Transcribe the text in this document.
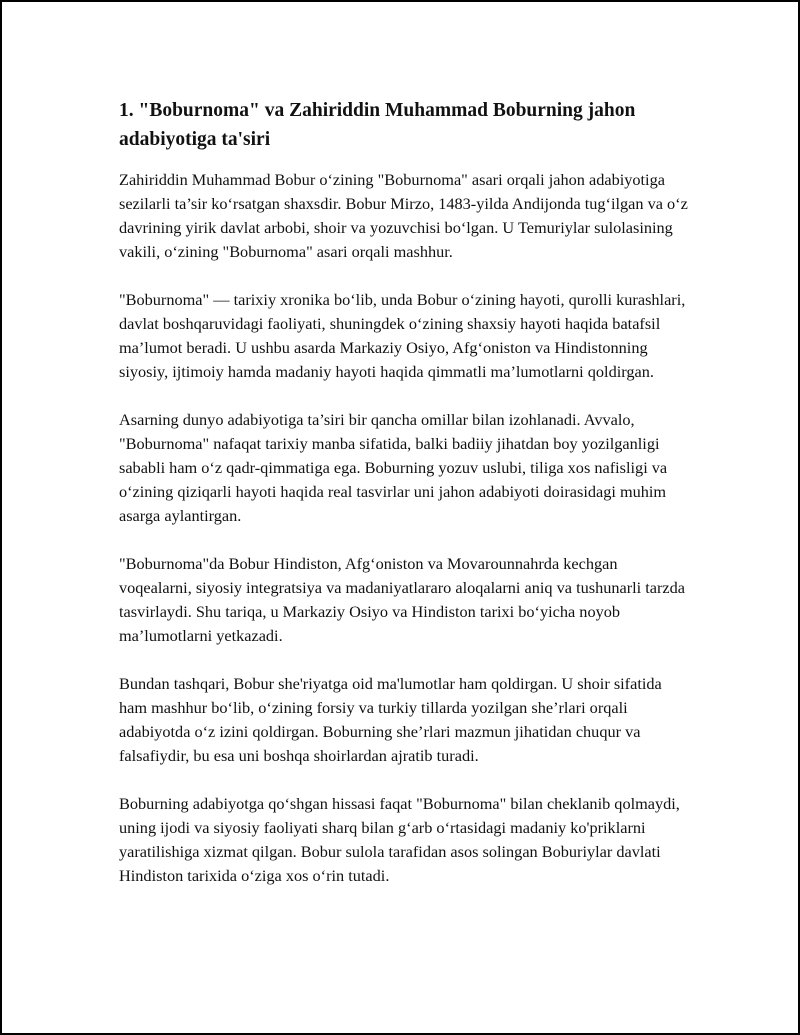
1. "Boburnoma" va Zahiriddin Muhammad Boburning jahon adabiyotiga ta'siri

Zahiriddin Muhammad Bobur o‘zining "Boburnoma" asari orqali jahon adabiyotiga sezilarli ta’sir ko‘rsatgan shaxsdir. Bobur Mirzo, 1483-yilda Andijonda tug‘ilgan va o‘z davrining yirik davlat arbobi, shoir va yozuvchisi bo‘lgan. U Temuriylar sulolasining vakili, o‘zining "Boburnoma" asari orqali mashhur.

"Boburnoma" — tarixiy xronika bo‘lib, unda Bobur o‘zining hayoti, qurolli kurashlari, davlat boshqaruvidagi faoliyati, shuningdek o‘zining shaxsiy hayoti haqida batafsil ma’lumot beradi. U ushbu asarda Markaziy Osiyo, Afg‘oniston va Hindistonning siyosiy, ijtimoiy hamda madaniy hayoti haqida qimmatli ma’lumotlarni qoldirgan.

Asarning dunyo adabiyotiga ta’siri bir qancha omillar bilan izohlanadi. Avvalo, "Boburnoma" nafaqat tarixiy manba sifatida, balki badiiy jihatdan boy yozilganligi sababli ham o‘z qadr-qimmatiga ega. Boburning yozuv uslubi, tiliga xos nafisligi va o‘zining qiziqarli hayoti haqida real tasvirlar uni jahon adabiyoti doirasidagi muhim asarga aylantirgan.

"Boburnoma"da Bobur Hindiston, Afg‘oniston va Movarounnahrda kechgan voqealarni, siyosiy integratsiya va madaniyatlararo aloqalarni aniq va tushunarli tarzda tasvirlaydi. Shu tariqa, u Markaziy Osiyo va Hindiston tarixi bo‘yicha noyob ma’lumotlarni yetkazadi.

Bundan tashqari, Bobur she'riyatga oid ma'lumotlar ham qoldirgan. U shoir sifatida ham mashhur bo‘lib, o‘zining forsiy va turkiy tillarda yozilgan she’rlari orqali adabiyotda o‘z izini qoldirgan. Boburning she’rlari mazmun jihatidan chuqur va falsafiydir, bu esa uni boshqa shoirlardan ajratib turadi.

Boburning adabiyotga qo‘shgan hissasi faqat "Boburnoma" bilan cheklanib qolmaydi, uning ijodi va siyosiy faoliyati sharq bilan g‘arb o‘rtasidagi madaniy ko'priklarni yaratilishiga xizmat qilgan. Bobur sulola tarafidan asos solingan Boburiylar davlati Hindiston tarixida o‘ziga xos o‘rin tutadi.
